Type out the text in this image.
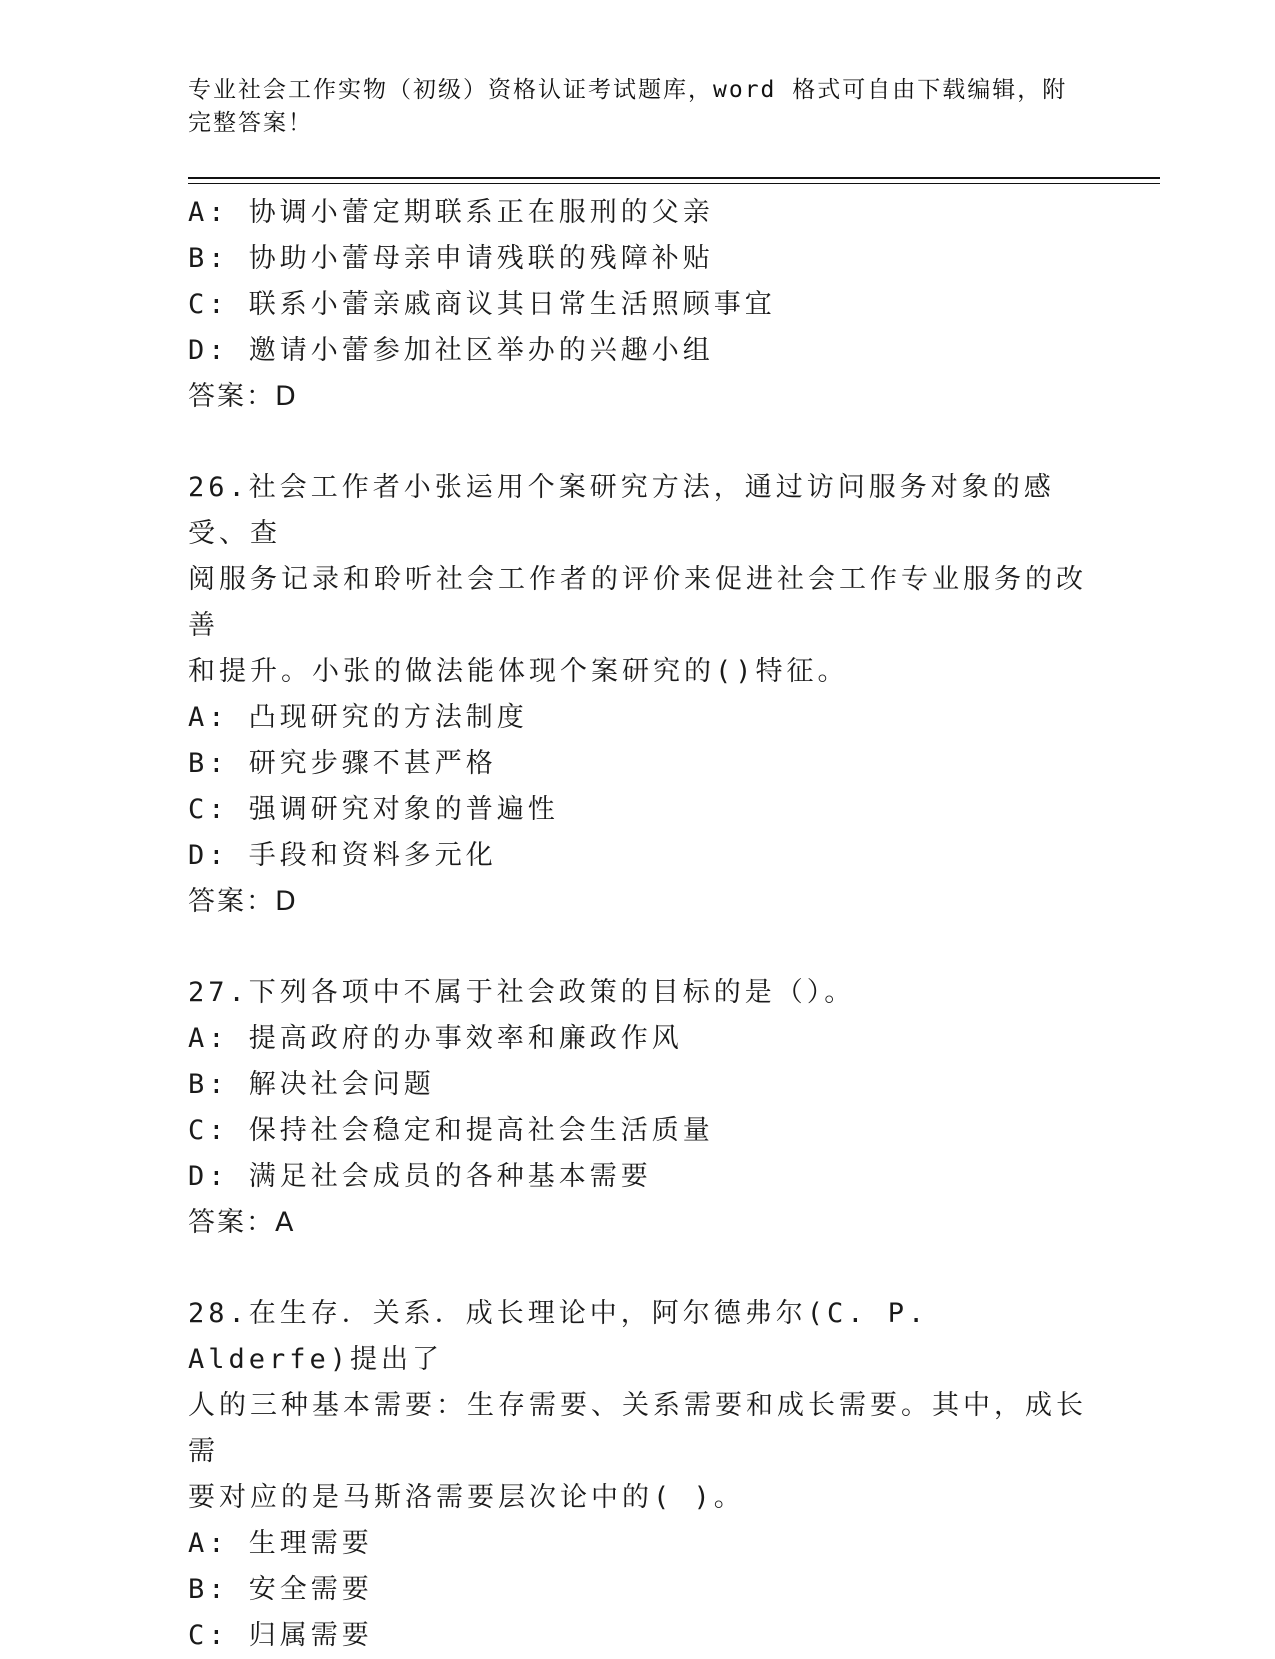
专业社会工作实物（初级）资格认证考试题库，word 格式可自由下载编辑，附完整答案！
A: 协调小蕾定期联系正在服刑的父亲
B: 协助小蕾母亲申请残联的残障补贴
C: 联系小蕾亲戚商议其日常生活照顾事宜
D: 邀请小蕾参加社区举办的兴趣小组
答案：D
26.社会工作者小张运用个案研究方法，通过访问服务对象的感受、查
阅服务记录和聆听社会工作者的评价来促进社会工作专业服务的改善
和提升。小张的做法能体现个案研究的()特征。
A: 凸现研究的方法制度
B: 研究步骤不甚严格
C: 强调研究对象的普遍性
D: 手段和资料多元化
答案：D
27.下列各项中不属于社会政策的目标的是（）。
A: 提高政府的办事效率和廉政作风
B: 解决社会问题
C: 保持社会稳定和提高社会生活质量
D: 满足社会成员的各种基本需要
答案：A
28.在生存．关系．成长理论中，阿尔德弗尔(C. P. Alderfe)提出了
人的三种基本需要：生存需要、关系需要和成长需要。其中，成长需
要对应的是马斯洛需要层次论中的( )。
A: 生理需要
B: 安全需要
C: 归属需要
